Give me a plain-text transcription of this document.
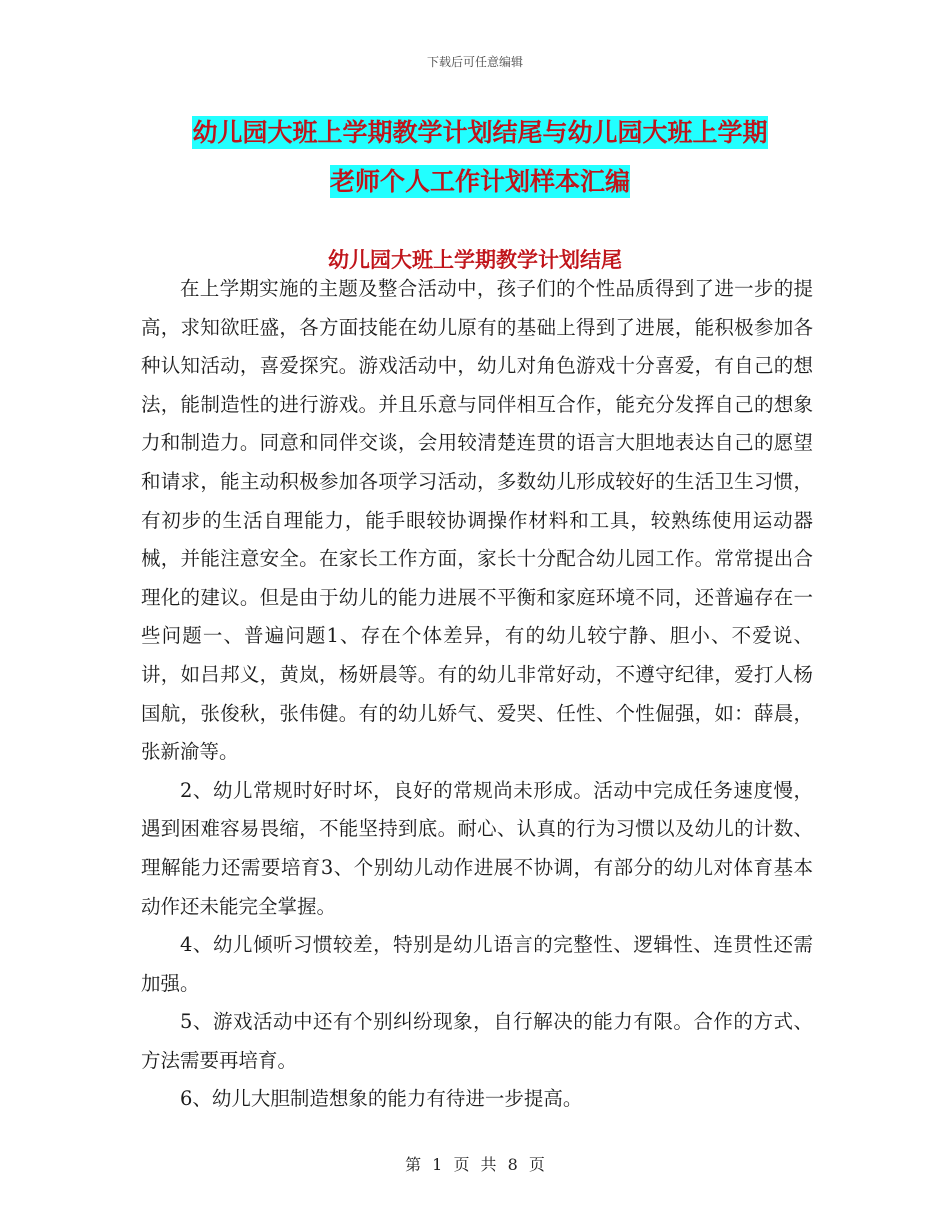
下载后可任意编辑
幼儿园大班上学期教学计划结尾与幼儿园大班上学期
老师个人工作计划样本汇编
幼儿园大班上学期教学计划结尾

在上学期实施的主题及整合活动中，孩子们的个性品质得到了进一步的提高，求知欲旺盛，各方面技能在幼儿原有的基础上得到了进展，能积极参加各种认知活动，喜爱探究。游戏活动中，幼儿对角色游戏十分喜爱，有自己的想法，能制造性的进行游戏。并且乐意与同伴相互合作，能充分发挥自己的想象力和制造力。同意和同伴交谈，会用较清楚连贯的语言大胆地表达自己的愿望和请求，能主动积极参加各项学习活动，多数幼儿形成较好的生活卫生习惯，有初步的生活自理能力，能手眼较协调操作材料和工具，较熟练使用运动器械，并能注意安全。在家长工作方面，家长十分配合幼儿园工作。常常提出合理化的建议。但是由于幼儿的能力进展不平衡和家庭环境不同，还普遍存在一些问题一、普遍问题1、存在个体差异，有的幼儿较宁静、胆小、不爱说、讲，如吕邦义，黄岚，杨妍晨等。有的幼儿非常好动，不遵守纪律，爱打人杨国航，张俊秋，张伟健。有的幼儿娇气、爱哭、任性、个性倔强，如：薛晨，张新渝等。

2、幼儿常规时好时坏，良好的常规尚未形成。活动中完成任务速度慢，遇到困难容易畏缩，不能坚持到底。耐心、认真的行为习惯以及幼儿的计数、理解能力还需要培育3、个别幼儿动作进展不协调，有部分的幼儿对体育基本动作还未能完全掌握。

4、幼儿倾听习惯较差，特别是幼儿语言的完整性、逻辑性、连贯性还需加强。

5、游戏活动中还有个别纠纷现象，自行解决的能力有限。合作的方式、方法需要再培育。

6、幼儿大胆制造想象的能力有待进一步提高。

第 1 页 共 8 页
